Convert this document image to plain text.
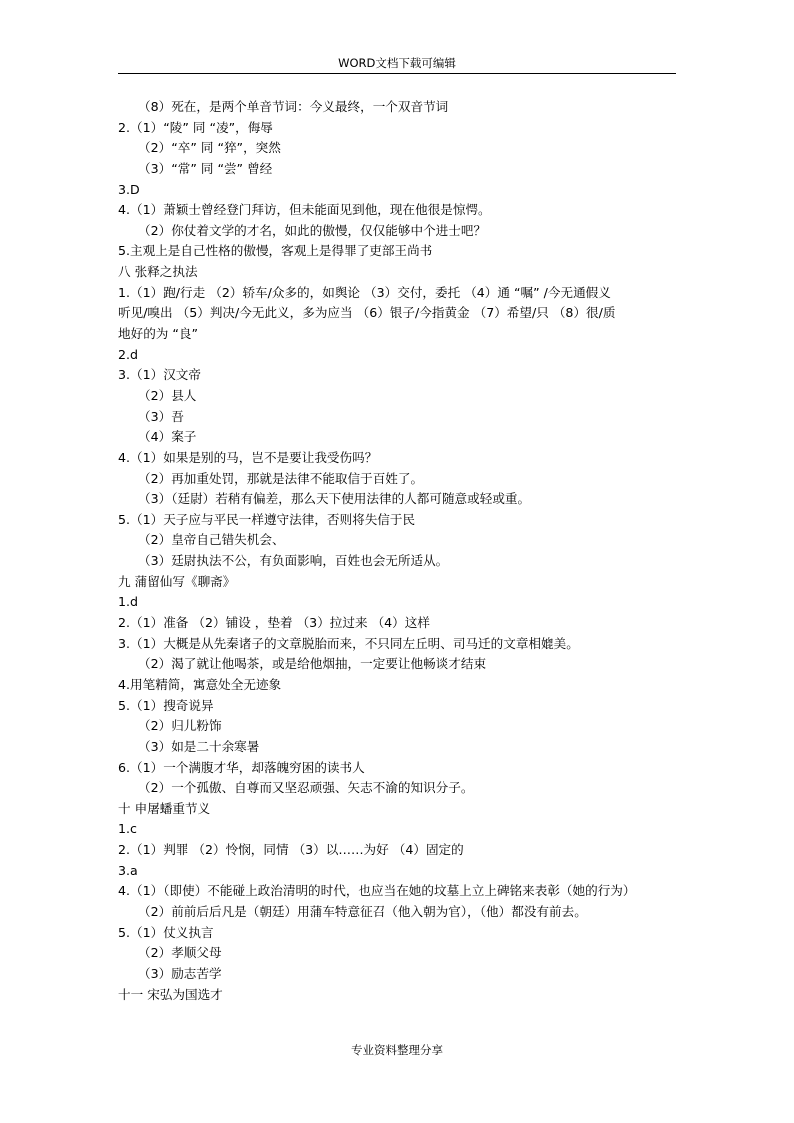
WORD文档下载可编辑
（8）死在，是两个单音节词：今义最终，一个双音节词
2.（1）“陵” 同 “凌”，侮辱
（2）“卒” 同 “猝”，突然
（3）“常” 同 “尝” 曾经
3.D
4.（1）萧颖士曾经登门拜访，但未能面见到他，现在他很是惊愕。
（2）你仗着文学的才名，如此的傲慢，仅仅能够中个进士吧？
5.主观上是自己性格的傲慢，客观上是得罪了吏部王尚书
八 张释之执法
1.（1）跑/行走 （2）轿车/众多的，如舆论 （3）交付，委托 （4）通 “嘱” /今无通假义
听见/嗅出 （5）判决/今无此义，多为应当 （6）银子/今指黄金 （7）希望/只 （8）很/质
地好的为 “良”
2.d
3.（1）汉文帝
（2）县人
（3）吾
（4）案子
4.（1）如果是别的马，岂不是要让我受伤吗？
（2）再加重处罚，那就是法律不能取信于百姓了。
（3）（廷尉）若稍有偏差，那么天下使用法律的人都可随意或轻或重。
5.（1）天子应与平民一样遵守法律，否则将失信于民
（2）皇帝自己错失机会、
（3）廷尉执法不公，有负面影响，百姓也会无所适从。
九 蒲留仙写《聊斋》
1.d
2.（1）准备 （2）铺设 ，垫着 （3）拉过来 （4）这样
3.（1）大概是从先秦诸子的文章脱胎而来，不只同左丘明、司马迁的文章相媲美。
（2）渴了就让他喝茶，或是给他烟抽，一定要让他畅谈才结束
4.用笔精简，寓意处全无迹象
5.（1）搜奇说异
（2）归儿粉饰
（3）如是二十余寒暑
6.（1）一个满腹才华，却落魄穷困的读书人
（2）一个孤傲、自尊而又坚忍顽强、矢志不渝的知识分子。
十 申屠蟠重节义
1.c
2.（1）判罪 （2）怜悯，同情 （3）以……为好 （4）固定的
3.a
4.（1）（即使）不能碰上政治清明的时代，也应当在她的坟墓上立上碑铭来表彰（她的行为）
（2）前前后后凡是（朝廷）用蒲车特意征召（他入朝为官），（他）都没有前去。
5.（1）仗义执言
（2）孝顺父母
（3）励志苦学
十一 宋弘为国选才
专业资料整理分享
